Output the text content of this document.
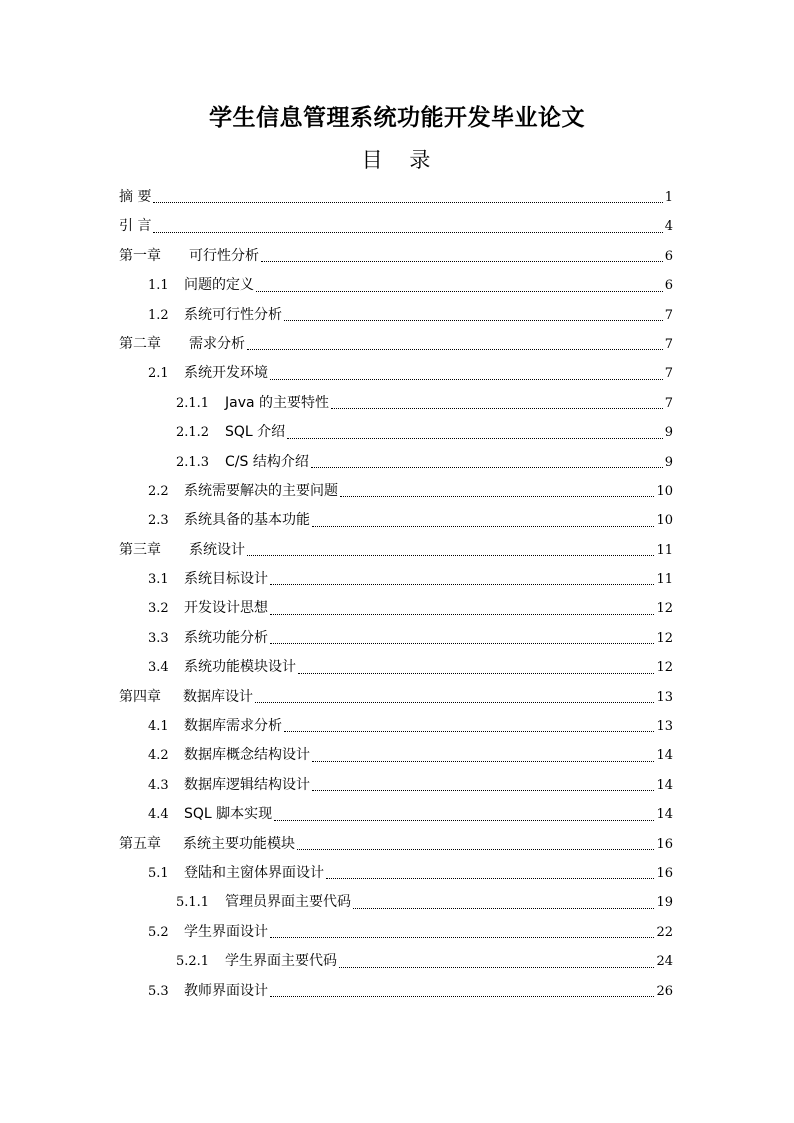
学生信息管理系统功能开发毕业论文
目 录
摘 要	1
引 言	4
第一章	可行性分析	6
1.1	问题的定义	6
1.2	系统可行性分析	7
第二章	需求分析	7
2.1	系统开发环境	7
2.1.1	Java 的主要特性	7
2.1.2	SQL 介绍	9
2.1.3	C/S 结构介绍	9
2.2	系统需要解决的主要问题	10
2.3	系统具备的基本功能	10
第三章	系统设计	11
3.1	系统目标设计	11
3.2	开发设计思想	12
3.3	系统功能分析	12
3.4	系统功能模块设计	12
第四章	数据库设计	13
4.1	数据库需求分析	13
4.2	数据库概念结构设计	14
4.3	数据库逻辑结构设计	14
4.4	SQL 脚本实现	14
第五章	系统主要功能模块	16
5.1	登陆和主窗体界面设计	16
5.1.1	管理员界面主要代码	19
5.2	学生界面设计	22
5.2.1	学生界面主要代码	24
5.3	教师界面设计	26
